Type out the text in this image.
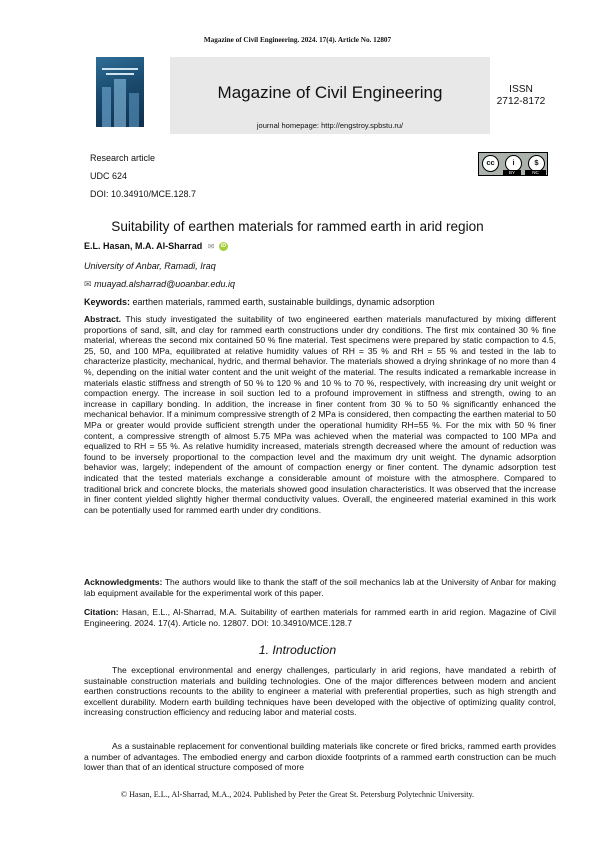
Magazine of Civil Engineering. 2024. 17(4). Article No. 12807
Magazine of Civil Engineering
journal homepage: http://engstroy.spbstu.ru/
ISSN
2712-8172
Research article
UDC 624
DOI: 10.34910/MCE.128.7
cc	i	$
BY	NC
Suitability of earthen materials for rammed earth in arid region
E.L. Hasan, M.A. Al-Sharrad ✉ iD
University of Anbar, Ramadi, Iraq
✉ muayad.alsharrad@uoanbar.edu.iq
Keywords: earthen materials, rammed earth, sustainable buildings, dynamic adsorption

Abstract. This study investigated the suitability of two engineered earthen materials manufactured by mixing different proportions of sand, silt, and clay for rammed earth constructions under dry conditions. The first mix contained 30 % fine material, whereas the second mix contained 50 % fine material. Test specimens were prepared by static compaction to 4.5, 25, 50, and 100 MPa, equilibrated at relative humidity values of RH = 35 % and RH = 55 % and tested in the lab to characterize plasticity, mechanical, hydric, and thermal behavior. The materials showed a drying shrinkage of no more than 4 %, depending on the initial water content and the unit weight of the material. The results indicated a remarkable increase in materials elastic stiffness and strength of 50 % to 120 % and 10 % to 70 %, respectively, with increasing dry unit weight or compaction energy. The increase in soil suction led to a profound improvement in stiffness and strength, owing to an increase in capillary bonding. In addition, the increase in finer content from 30 % to 50 % significantly enhanced the mechanical behavior. If a minimum compressive strength of 2 MPa is considered, then compacting the earthen material to 50 MPa or greater would provide sufficient strength under the operational humidity RH=55 %. For the mix with 50 % finer content, a compressive strength of almost 5.75 MPa was achieved when the material was compacted to 100 MPa and equalized to RH = 55 %. As relative humidity increased, materials strength decreased where the amount of reduction was found to be inversely proportional to the compaction level and the maximum dry unit weight. The dynamic adsorption behavior was, largely; independent of the amount of compaction energy or finer content. The dynamic adsorption test indicated that the tested materials exchange a considerable amount of moisture with the atmosphere. Compared to traditional brick and concrete blocks, the materials showed good insulation characteristics. It was observed that the increase in finer content yielded slightly higher thermal conductivity values. Overall, the engineered material examined in this work can be potentially used for rammed earth under dry conditions.

Acknowledgments: The authors would like to thank the staff of the soil mechanics lab at the University of Anbar for making lab equipment available for the experimental work of this paper.

Citation: Hasan, E.L., Al-Sharrad, M.A. Suitability of earthen materials for rammed earth in arid region. Magazine of Civil Engineering. 2024. 17(4). Article no. 12807. DOI: 10.34910/MCE.128.7

1. Introduction

The exceptional environmental and energy challenges, particularly in arid regions, have mandated a rebirth of sustainable construction materials and building technologies. One of the major differences between modern and ancient earthen constructions recounts to the ability to engineer a material with preferential properties, such as high strength and excellent durability. Modern earth building techniques have been developed with the objective of optimizing quality control, increasing construction efficiency and reducing labor and material costs.

As a sustainable replacement for conventional building materials like concrete or fired bricks, rammed earth provides a number of advantages. The embodied energy and carbon dioxide footprints of a rammed earth construction can be much lower than that of an identical structure composed of more

© Hasan, E.L., Al-Sharrad, M.A., 2024. Published by Peter the Great St. Petersburg Polytechnic University.
